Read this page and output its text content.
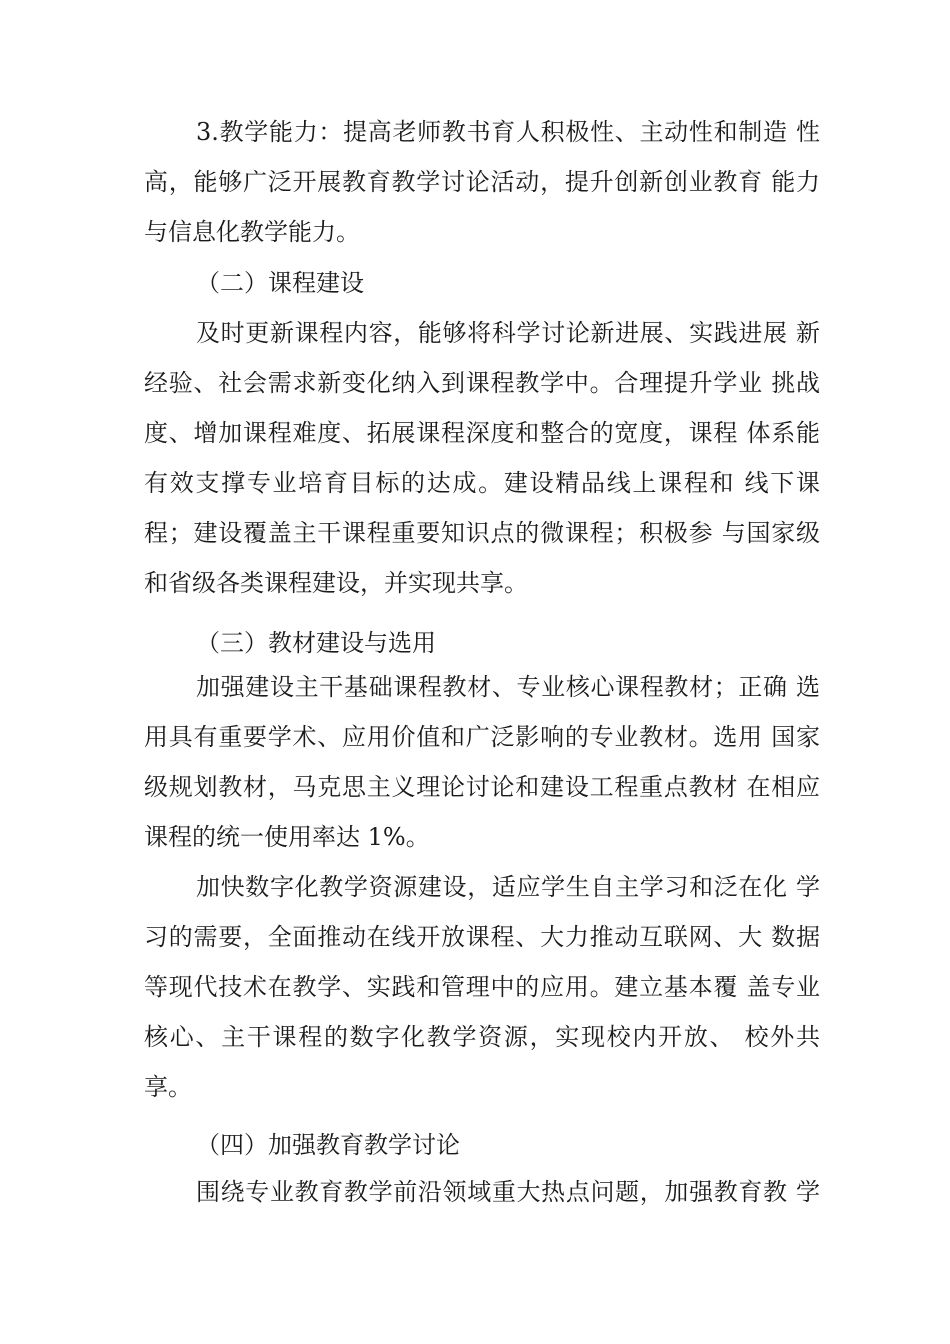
3.教学能力：提高老师教书育人积极性、主动性和制造 性
高，能够广泛开展教育教学讨论活动，提升创新创业教育 能力
与信息化教学能力。
（二）课程建设
及时更新课程内容，能够将科学讨论新进展、实践进展 新
经验、社会需求新变化纳入到课程教学中。合理提升学业 挑战
度、增加课程难度、拓展课程深度和整合的宽度，课程 体系能
有效支撑专业培育目标的达成。建设精品线上课程和 线下课
程；建设覆盖主干课程重要知识点的微课程；积极参 与国家级
和省级各类课程建设，并实现共享。
（三）教材建设与选用
加强建设主干基础课程教材、专业核心课程教材；正确 选
用具有重要学术、应用价值和广泛影响的专业教材。选用 国家
级规划教材，马克思主义理论讨论和建设工程重点教材 在相应
课程的统一使用率达 1%。
加快数字化教学资源建设，适应学生自主学习和泛在化 学
习的需要，全面推动在线开放课程、大力推动互联网、大 数据
等现代技术在教学、实践和管理中的应用。建立基本覆 盖专业
核心、主干课程的数字化教学资源，实现校内开放、 校外共
享。
（四）加强教育教学讨论
围绕专业教育教学前沿领域重大热点问题，加强教育教 学
